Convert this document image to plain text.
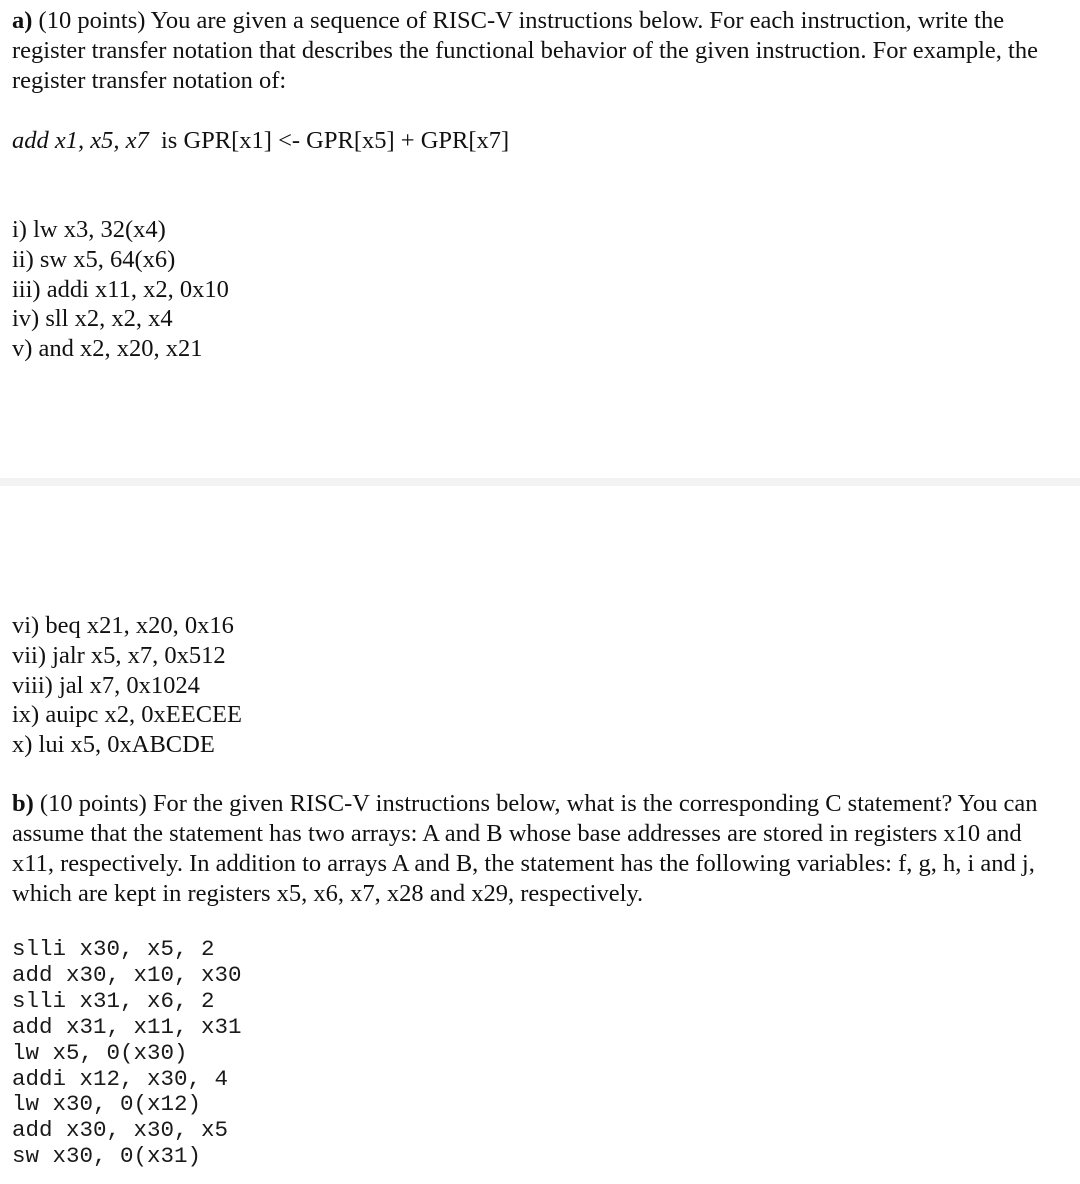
a) (10 points) You are given a sequence of RISC-V instructions below. For each instruction, write the register transfer notation that describes the functional behavior of the given instruction. For example, the register transfer notation of:

add x1, x5, x7  is GPR[x1] <- GPR[x5] + GPR[x7]

i) lw x3, 32(x4)
ii) sw x5, 64(x6)
iii) addi x11, x2, 0x10
iv) sll x2, x2, x4
v) and x2, x20, x21
vi) beq x21, x20, 0x16
vii) jalr x5, x7, 0x512
viii) jal x7, 0x1024
ix) auipc x2, 0xEECEE
x) lui x5, 0xABCDE

b) (10 points) For the given RISC-V instructions below, what is the corresponding C statement? You can assume that the statement has two arrays: A and B whose base addresses are stored in registers x10 and x11, respectively. In addition to arrays A and B, the statement has the following variables: f, g, h, i and j, which are kept in registers x5, x6, x7, x28 and x29, respectively.

slli x30, x5, 2
add x30, x10, x30
slli x31, x6, 2
add x31, x11, x31
lw x5, 0(x30)
addi x12, x30, 4
lw x30, 0(x12)
add x30, x30, x5
sw x30, 0(x31)
